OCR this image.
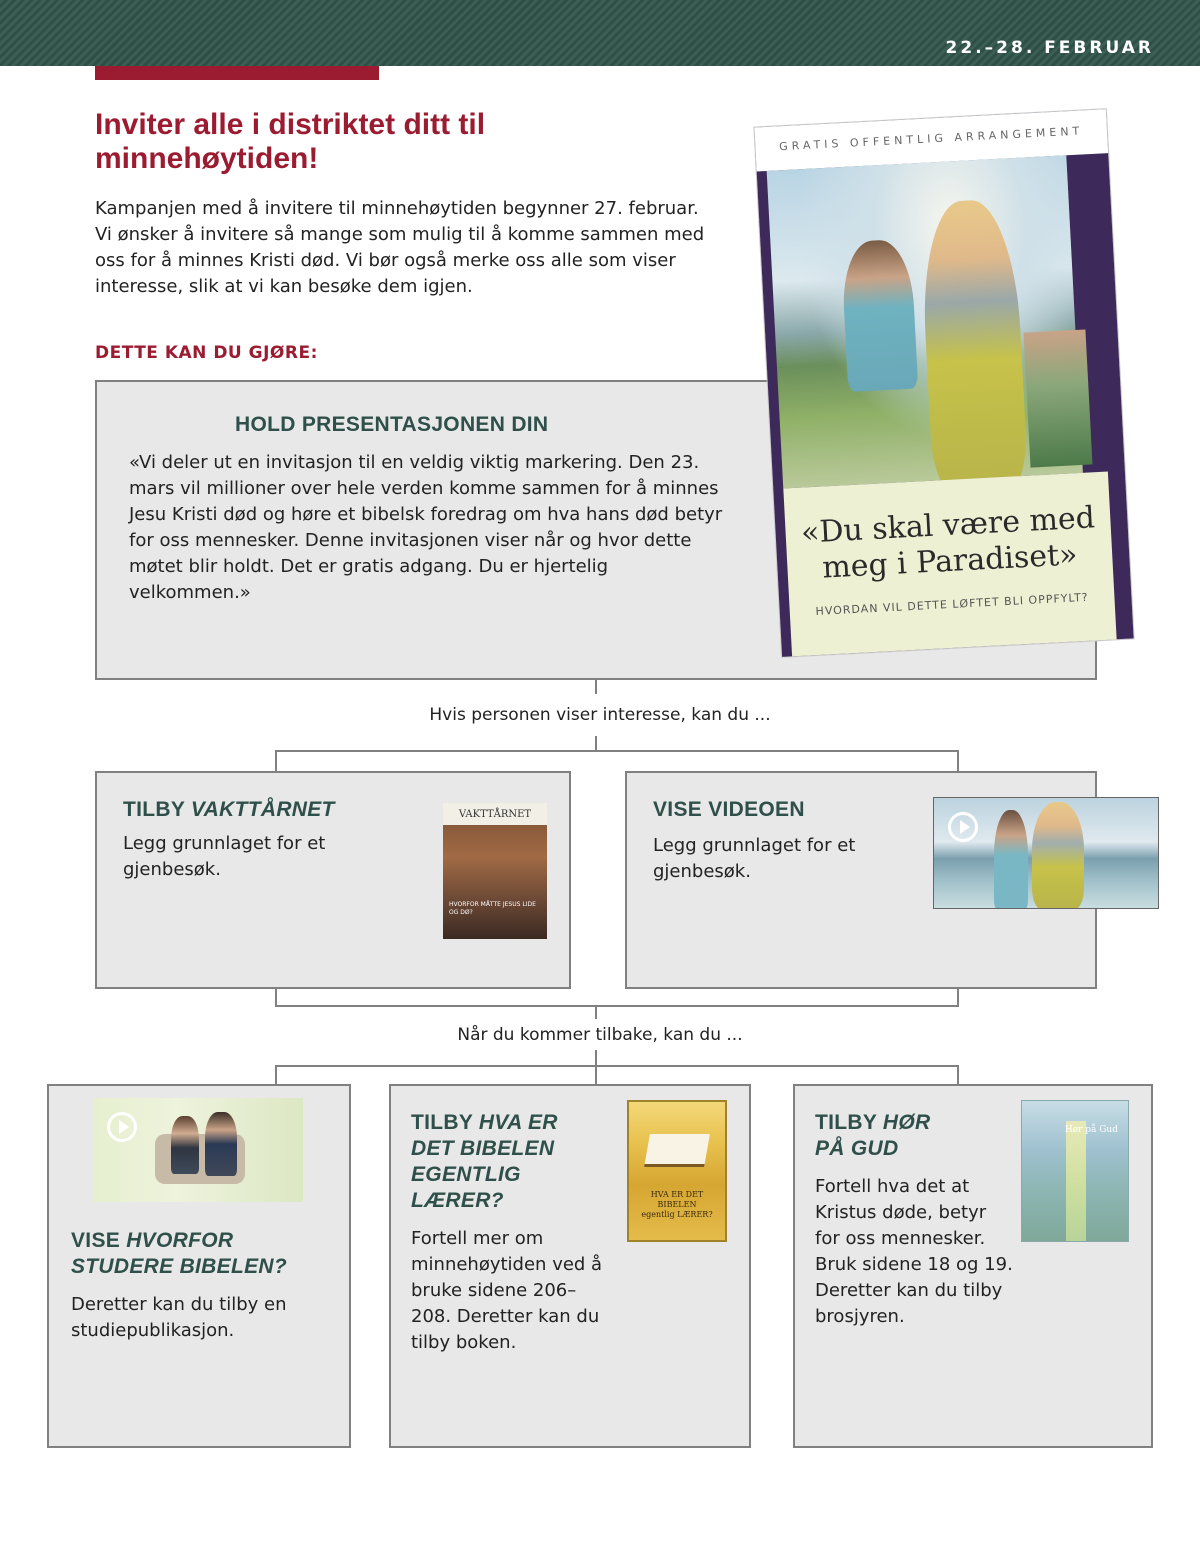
22.–28. FEBRUAR
Inviter alle i distriktet ditt til minnehøytiden!

Kampanjen med å invitere til minnehøytiden begynner 27. februar. Vi ønsker å invitere så mange som mulig til å komme sammen med oss for å minnes Kristi død. Vi bør også merke oss alle som viser interesse, slik at vi kan besøke dem igjen.

DETTE KAN DU GJØRE:

HOLD PRESENTASJONEN DIN

«Vi deler ut en invitasjon til en veldig viktig markering. Den 23. mars vil millioner over hele verden komme sammen for å minnes Jesu Kristi død og høre et bibelsk foredrag om hva hans død betyr for oss mennesker. Denne invitasjonen viser når og hvor dette møtet blir holdt. Det er gratis adgang. Du er hjertelig velkommen.»

GRATIS OFFENTLIG ARRANGEMENT
«Du skal være med
meg i Paradiset»
HVORDAN VIL DETTE LØFTET BLI OPPFYLT?

Hvis personen viser interesse, kan du ...

TILBY VAKTTÅRNET

Legg grunnlaget for et gjenbesøk.

VAKTTÅRNET
HVORFOR MÅTTE JESUS LIDE OG DØ?
VISE VIDEOEN

Legg grunnlaget for et gjenbesøk.

Når du kommer tilbake, kan du ...

VISE HVORFOR STUDERE BIBELEN?

Deretter kan du tilby en studiepublikasjon.

TILBY HVA ER DET BIBELEN EGENTLIG LÆRER?

Fortell mer om minnehøytiden ved å bruke sidene 206–208. Deretter kan du tilby boken.

HVA ER DET
BIBELEN
egentlig LÆRER?
TILBY HØR PÅ GUD

Fortell hva det at Kristus døde, betyr for oss mennesker. Bruk sidene 18 og 19. Deretter kan du tilby brosjyren.

Hør på Gud
